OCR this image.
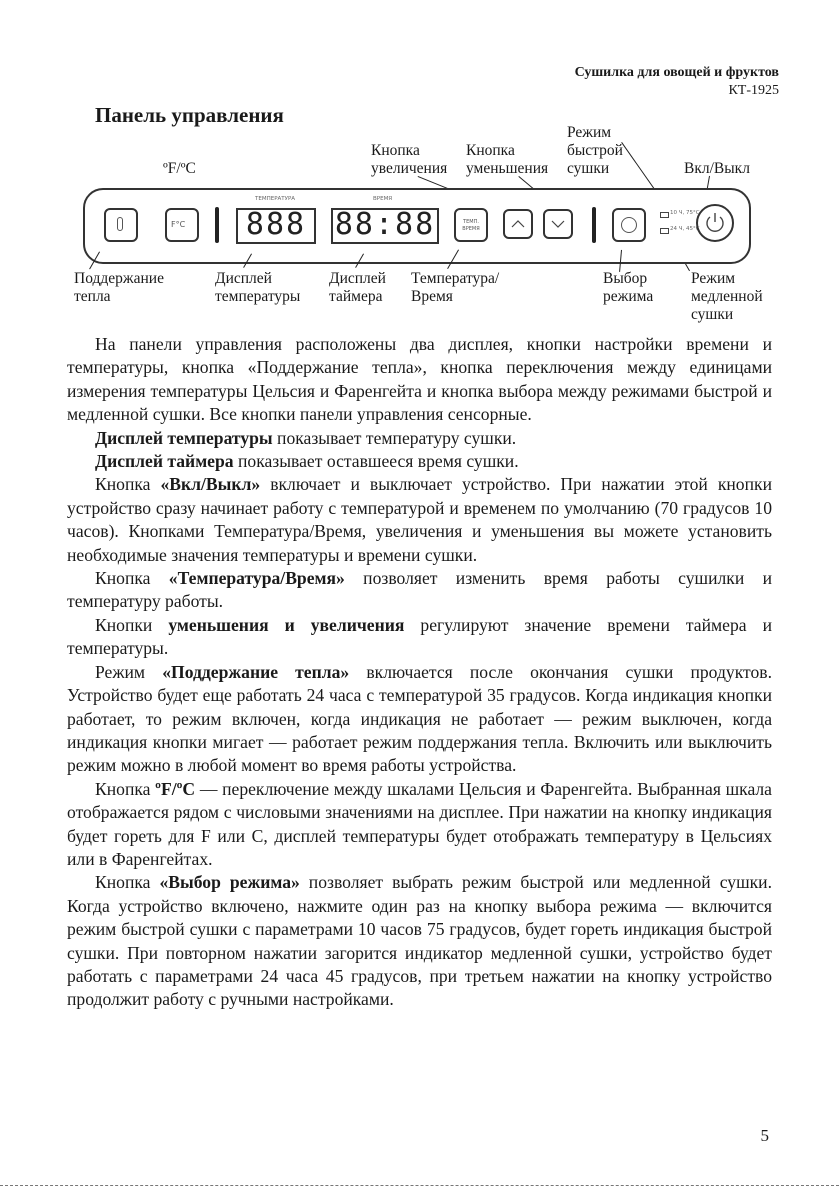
Сушилка для овощей и фруктов
КТ-1925
Панель управления
ºF/ºC
Кнопка
увеличения
Кнопка
уменьшения
Режим
быстрой
сушки	Вкл/Выкл
F°C
ТЕМПЕРАТУРА
888
ВРЕМЯ
88:88	ТЕМП.
ВРЕМЯ
10 Ч, 75°C
24 Ч, 45°C
Поддержание
тепла
Дисплей
температуры
Дисплей
таймера
Температура/
Время
Выбор
режима
Режим
медленной
сушки

На панели управления расположены два дисплея, кнопки настройки времени и температуры, кнопка «Поддержание тепла», кнопка переключения между единицами измерения температуры Цельсия и Фаренгейта и кнопка выбора между режимами быстрой и медленной сушки. Все кнопки панели управления сенсорные.

Дисплей температуры показывает температуру сушки.

Дисплей таймера показывает оставшееся время сушки.

Кнопка «Вкл/Выкл» включает и выключает устройство. При нажатии этой кнопки устройство сразу начинает работу с температурой и временем по умолчанию (70 градусов 10 часов). Кнопками Температура/Время, увеличения и уменьшения вы можете установить необходимые значения температуры и времени сушки.

Кнопка «Температура/Время» позволяет изменить время работы сушилки и температуру работы.

Кнопки уменьшения и увеличения регулируют значение времени таймера и температуры.

Режим «Поддержание тепла» включается после окончания сушки продуктов. Устройство будет еще работать 24 часа с температурой 35 градусов. Когда индикация кнопки работает, то режим включен, когда индикация не работает — режим выключен, когда индикация кнопки мигает — работает режим поддержания тепла. Включить или выключить режим можно в любой момент во время работы устройства.

Кнопка ºF/ºC — переключение между шкалами Цельсия и Фаренгейта. Выбранная шкала отображается рядом с числовыми значениями на дисплее. При нажатии на кнопку индикация будет гореть для F или C, дисплей температуры будет отображать температуру в Цельсиях или в Фаренгейтах.

Кнопка «Выбор режима» позволяет выбрать режим быстрой или медленной сушки. Когда устройство включено, нажмите один раз на кнопку выбора режима — включится режим быстрой сушки с параметрами 10 часов 75 градусов, будет гореть индикация быстрой сушки. При повторном нажатии загорится индикатор медленной сушки, устройство будет работать с параметрами 24 часа 45 градусов, при третьем нажатии на кнопку устройство продолжит работу с ручными настройками.

5
